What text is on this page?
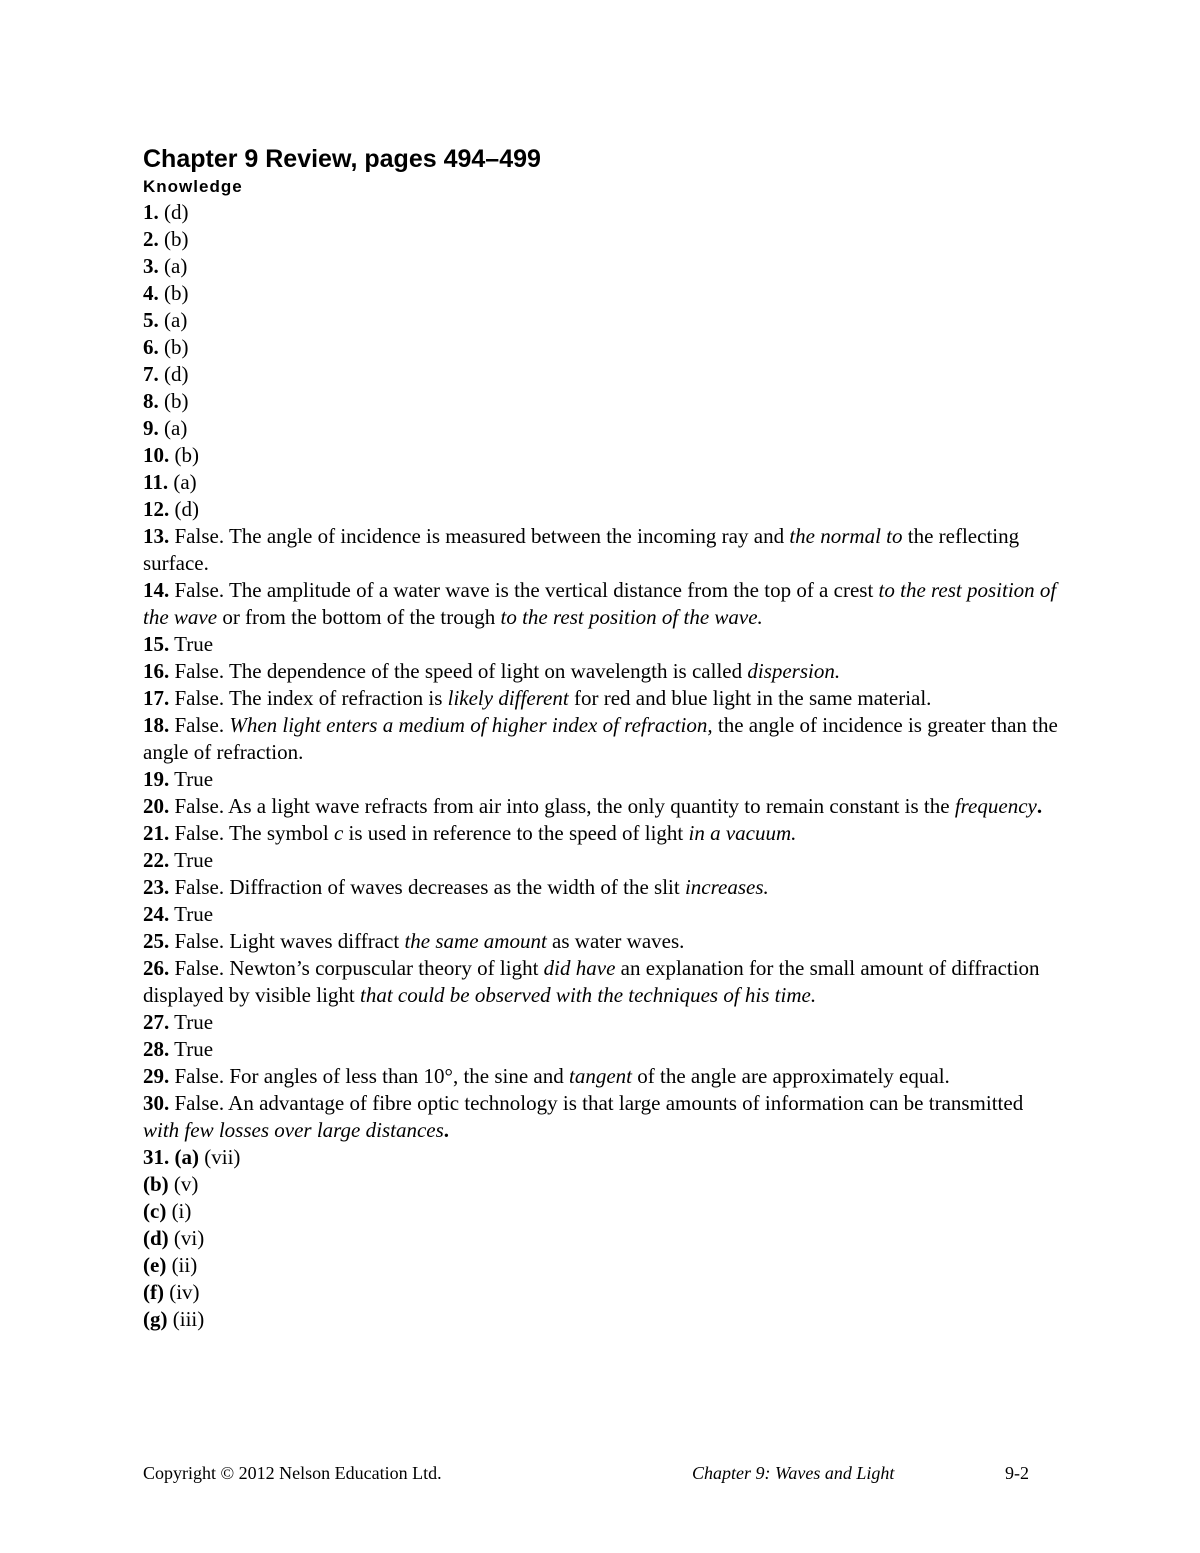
Chapter 9 Review, pages 494–499
Knowledge

1. (d)

2. (b)

3. (a)

4. (b)

5. (a)

6. (b)

7. (d)

8. (b)

9. (a)

10. (b)

11. (a)

12. (d)

13. False. The angle of incidence is measured between the incoming ray and the normal to the reflecting surface.

14. False. The amplitude of a water wave is the vertical distance from the top of a crest to the rest position of the wave or from the bottom of the trough to the rest position of the wave.

15. True

16. False. The dependence of the speed of light on wavelength is called dispersion.

17. False. The index of refraction is likely different for red and blue light in the same material.

18. False. When light enters a medium of higher index of refraction, the angle of incidence is greater than the angle of refraction.

19. True

20. False. As a light wave refracts from air into glass, the only quantity to remain constant is the frequency.

21. False. The symbol c is used in reference to the speed of light in a vacuum.

22. True

23. False. Diffraction of waves decreases as the width of the slit increases.

24. True

25. False. Light waves diffract the same amount as water waves.

26. False. Newton’s corpuscular theory of light did have an explanation for the small amount of diffraction displayed by visible light that could be observed with the techniques of his time.

27. True

28. True

29. False. For angles of less than 10°, the sine and tangent of the angle are approximately equal.

30. False. An advantage of fibre optic technology is that large amounts of information can be transmitted with few losses over large distances.

31. (a) (vii)

(b) (v)

(c) (i)

(d) (vi)

(e) (ii)

(f) (iv)

(g) (iii)

Copyright © 2012 Nelson Education Ltd.	Chapter 9: Waves and Light	9-2
